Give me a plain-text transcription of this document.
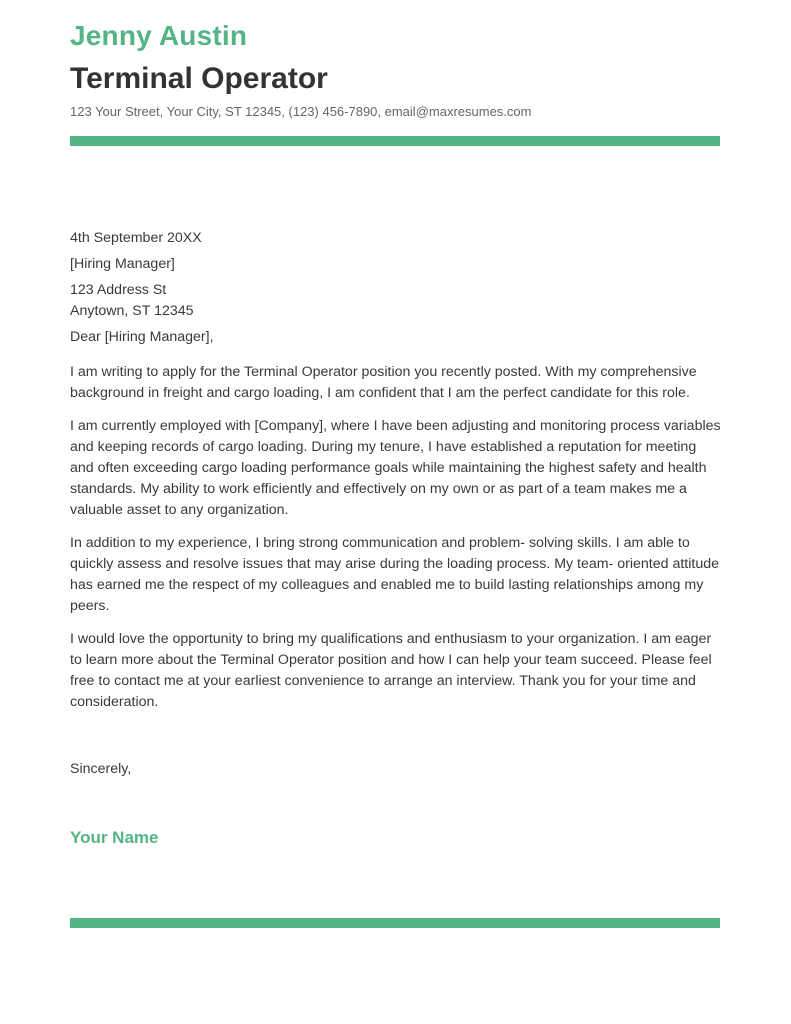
Jenny Austin
Terminal Operator
123 Your Street, Your City, ST 12345, (123) 456-7890, email@maxresumes.com
4th September 20XX
[Hiring Manager]
123 Address St
Anytown, ST 12345
Dear [Hiring Manager],
I am writing to apply for the Terminal Operator position you recently posted. With my comprehensive background in freight and cargo loading, I am confident that I am the perfect candidate for this role.
I am currently employed with [Company], where I have been adjusting and monitoring process variables and keeping records of cargo loading. During my tenure, I have established a reputation for meeting and often exceeding cargo loading performance goals while maintaining the highest safety and health standards. My ability to work efficiently and effectively on my own or as part of a team makes me a valuable asset to any organization.
In addition to my experience, I bring strong communication and problem- solving skills. I am able to quickly assess and resolve issues that may arise during the loading process. My team- oriented attitude has earned me the respect of my colleagues and enabled me to build lasting relationships among my peers.
I would love the opportunity to bring my qualifications and enthusiasm to your organization. I am eager to learn more about the Terminal Operator position and how I can help your team succeed. Please feel free to contact me at your earliest convenience to arrange an interview. Thank you for your time and consideration.
Sincerely,
Your Name
